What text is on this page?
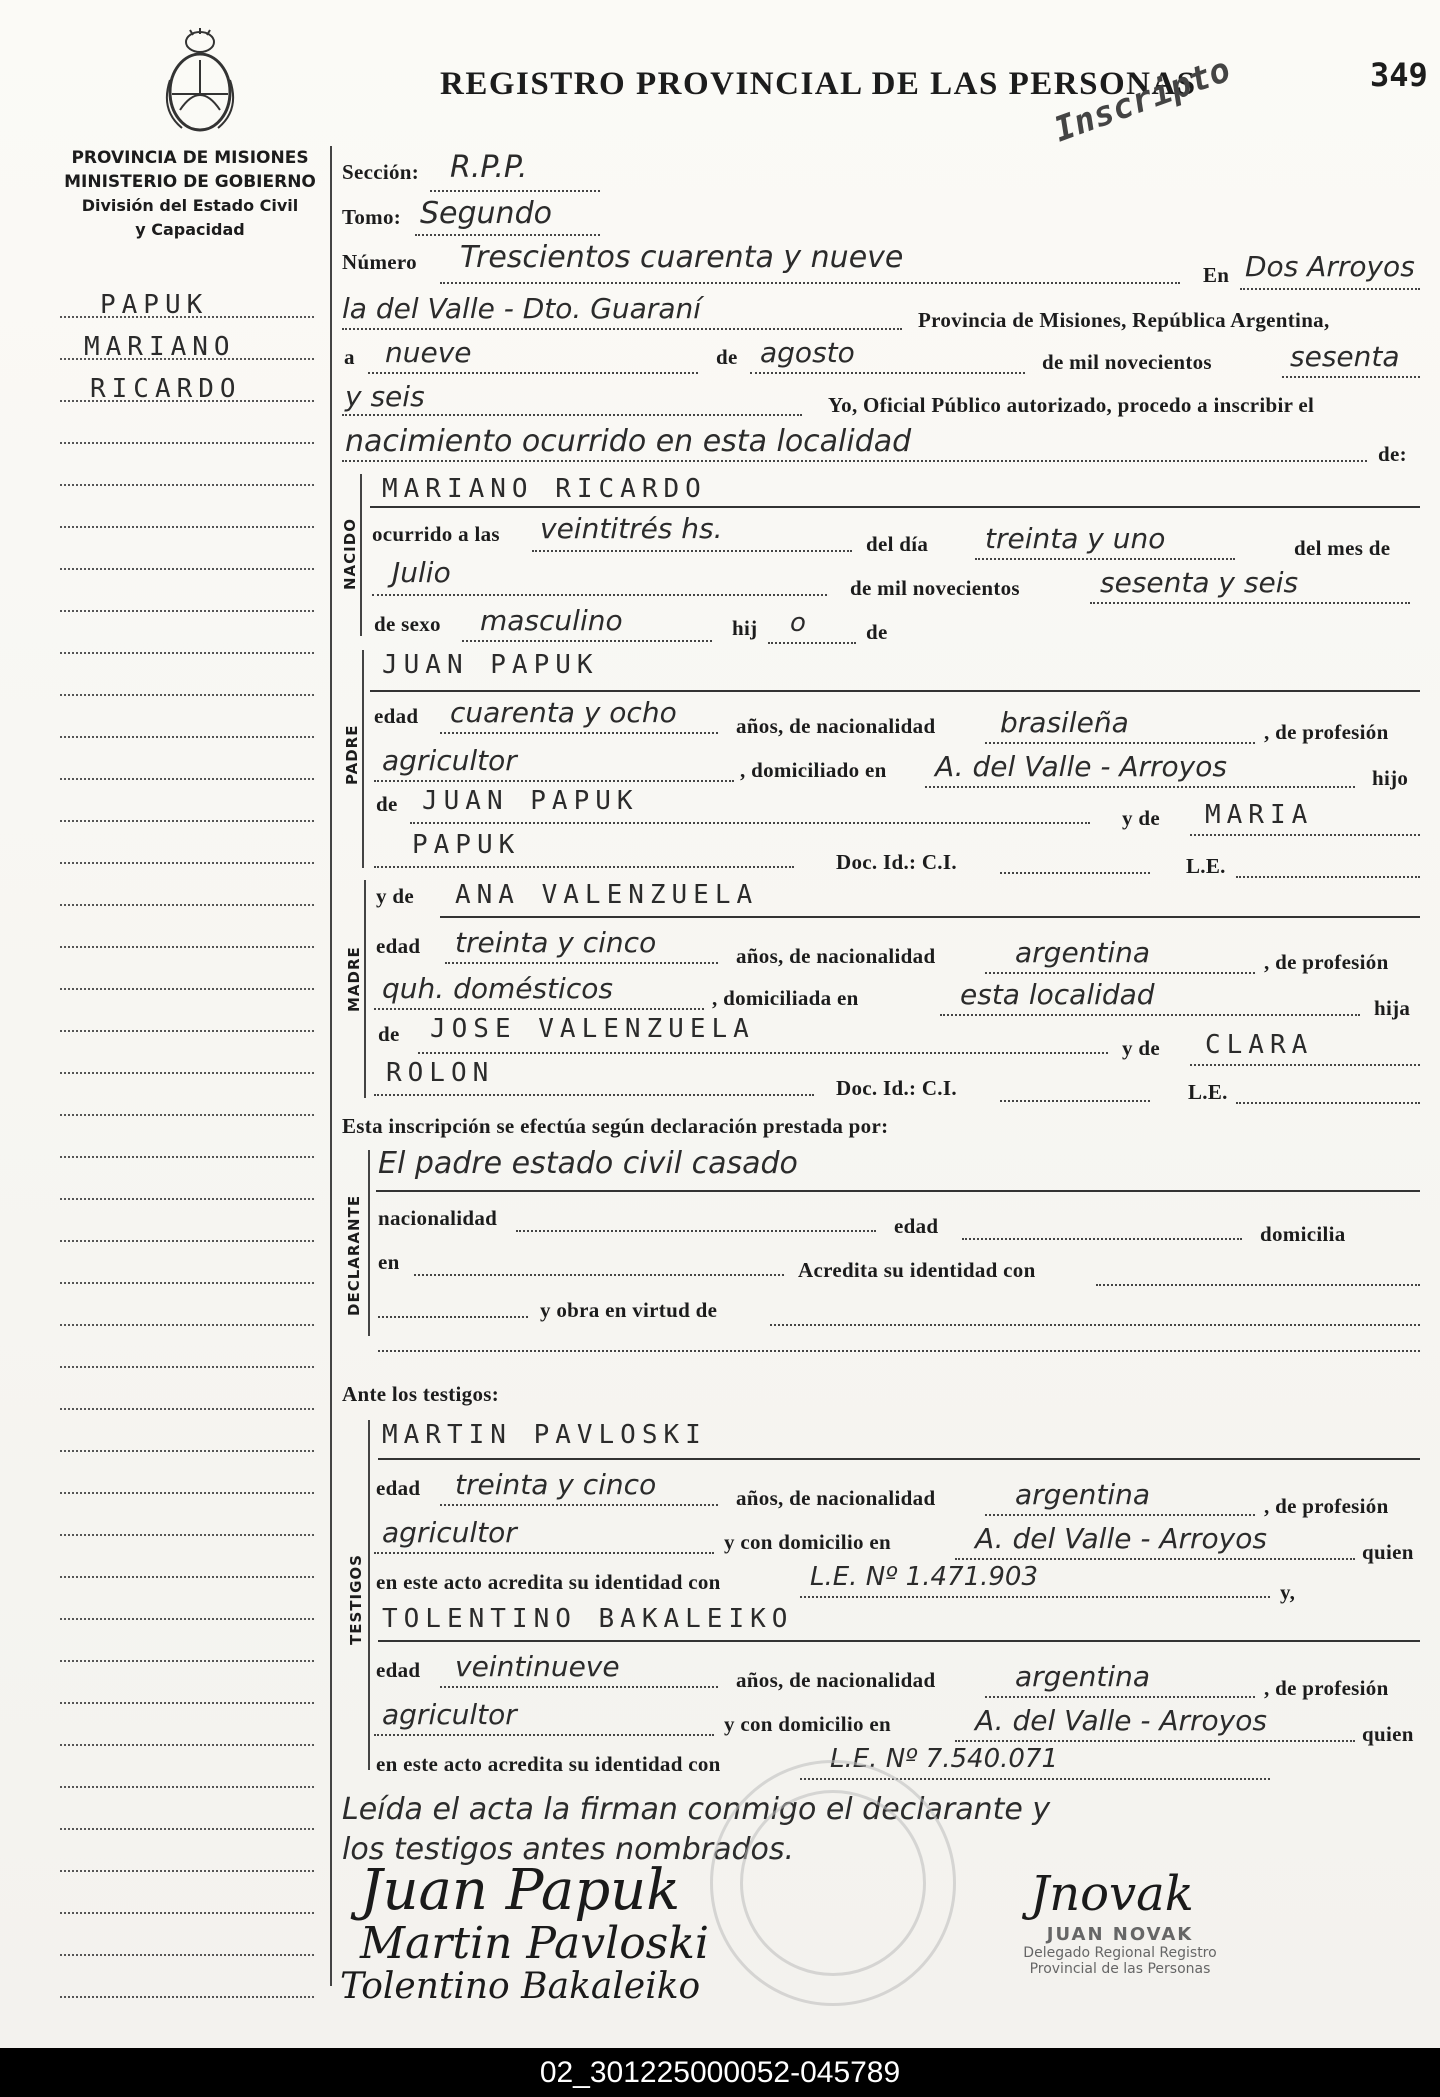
REGISTRO PROVINCIAL DE LAS PERSONAS	349
Inscripto
PROVINCIA DE MISIONES
MINISTERIO DE GOBIERNO
División del Estado Civil
y Capacidad
PAPUK
MARIANO
RICARDO
Sección: R.P.P.
Tomo: Segundo
Número Trescientos cuarenta y nueve	En Dos Arroyos
la del Valle - Dto. Guaraní	Provincia de Misiones, República Argentina,
a nueve	de agosto	de mil novecientos	sesenta
y seis	Yo, Oficial Público autorizado, procedo a inscribir el
nacimiento ocurrido en esta localidad	de:
NACIDO
MARIANO RICARDO
ocurrido a las veintitrés hs.	del día treinta y uno	del mes de
Julio	de mil novecientos	sesenta y seis
de sexo masculino	hij o	de
PADRE
JUAN PAPUK
edad cuarenta y ocho	años, de nacionalidad brasileña	, de profesión
agricultor	, domiciliado en A. del Valle - Arroyos	hijo
de JUAN PAPUK
y de MARIA
PAPUK
Doc. Id.: C.I.	L.E.
MADRE
y de ANA VALENZUELA
edad treinta y cinco	años, de nacionalidad	argentina	, de profesión
quh. domésticos	, domiciliada en	esta localidad	hija
de JOSE VALENZUELA
y de CLARA
ROLON	Doc. Id.: C.I.	L.E.
Esta inscripción se efectúa según declaración prestada por:
DECLARANTE
El padre estado civil casado
nacionalidad	edad	domicilia
en	Acredita su identidad con
y obra en virtud de
Ante los testigos:
TESTIGOS
MARTIN PAVLOSKI
edad treinta y cinco	años, de nacionalidad	argentina	, de profesión
agricultor	y con domicilio en	A. del Valle - Arroyos	quien
en este acto acredita su identidad con	L.E. Nº 1.471.903	y,
TOLENTINO BAKALEIKO
edad veintinueve	años, de nacionalidad	argentina	, de profesión
agricultor	y con domicilio en	A. del Valle - Arroyos	quien
en este acto acredita su identidad con	L.E. Nº 7.540.071
Leída el acta la firman conmigo el declarante y
los testigos antes nombrados.
Juan Papuk
Martin Pavloski
Tolentino Bakaleiko
Jnovak
JUAN NOVAK
Delegado Regional Registro
Provincial de las Personas
02_301225000052-045789
